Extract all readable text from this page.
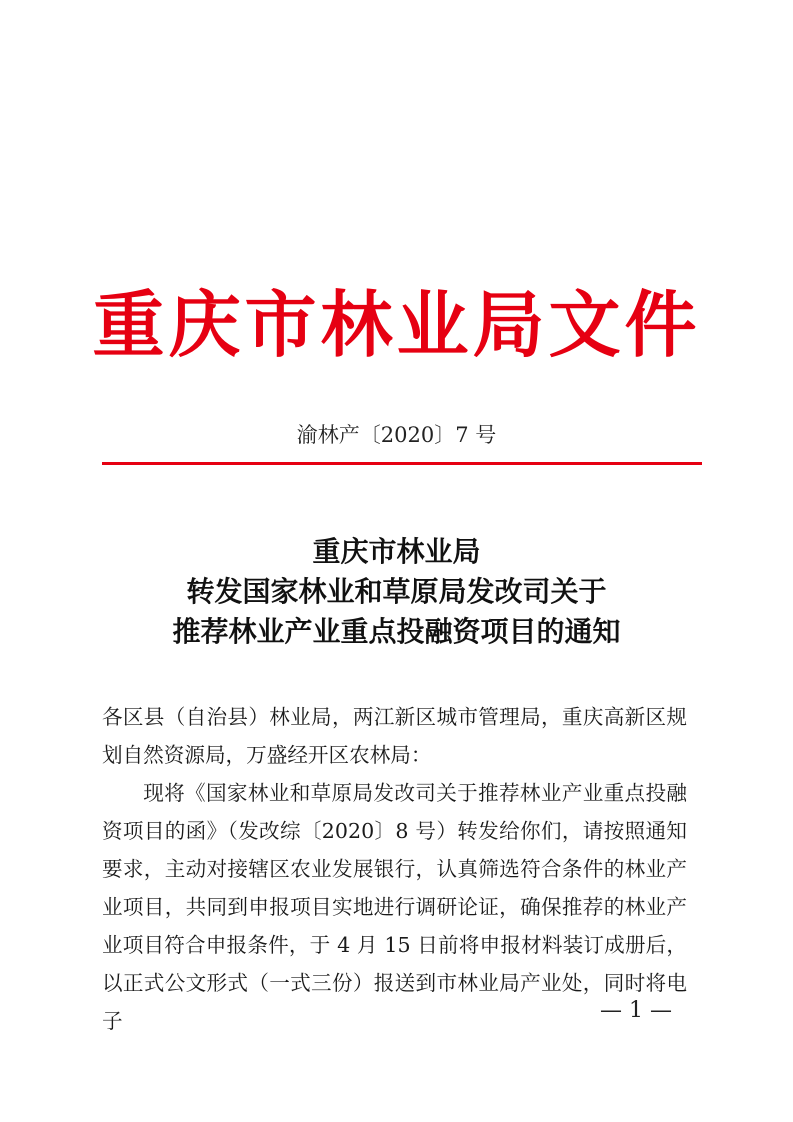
重庆市林业局文件
渝林产〔2020〕7 号
重庆市林业局
转发国家林业和草原局发改司关于
推荐林业产业重点投融资项目的通知

各区县（自治县）林业局，两江新区城市管理局，重庆高新区规划自然资源局，万盛经开区农林局：

现将《国家林业和草原局发改司关于推荐林业产业重点投融资项目的函》（发改综〔2020〕8 号）转发给你们，请按照通知要求，主动对接辖区农业发展银行，认真筛选符合条件的林业产业项目，共同到申报项目实地进行调研论证，确保推荐的林业产业项目符合申报条件，于 4 月 15 日前将申报材料装订成册后，以正式公文形式（一式三份）报送到市林业局产业处，同时将电子	— 1 —
